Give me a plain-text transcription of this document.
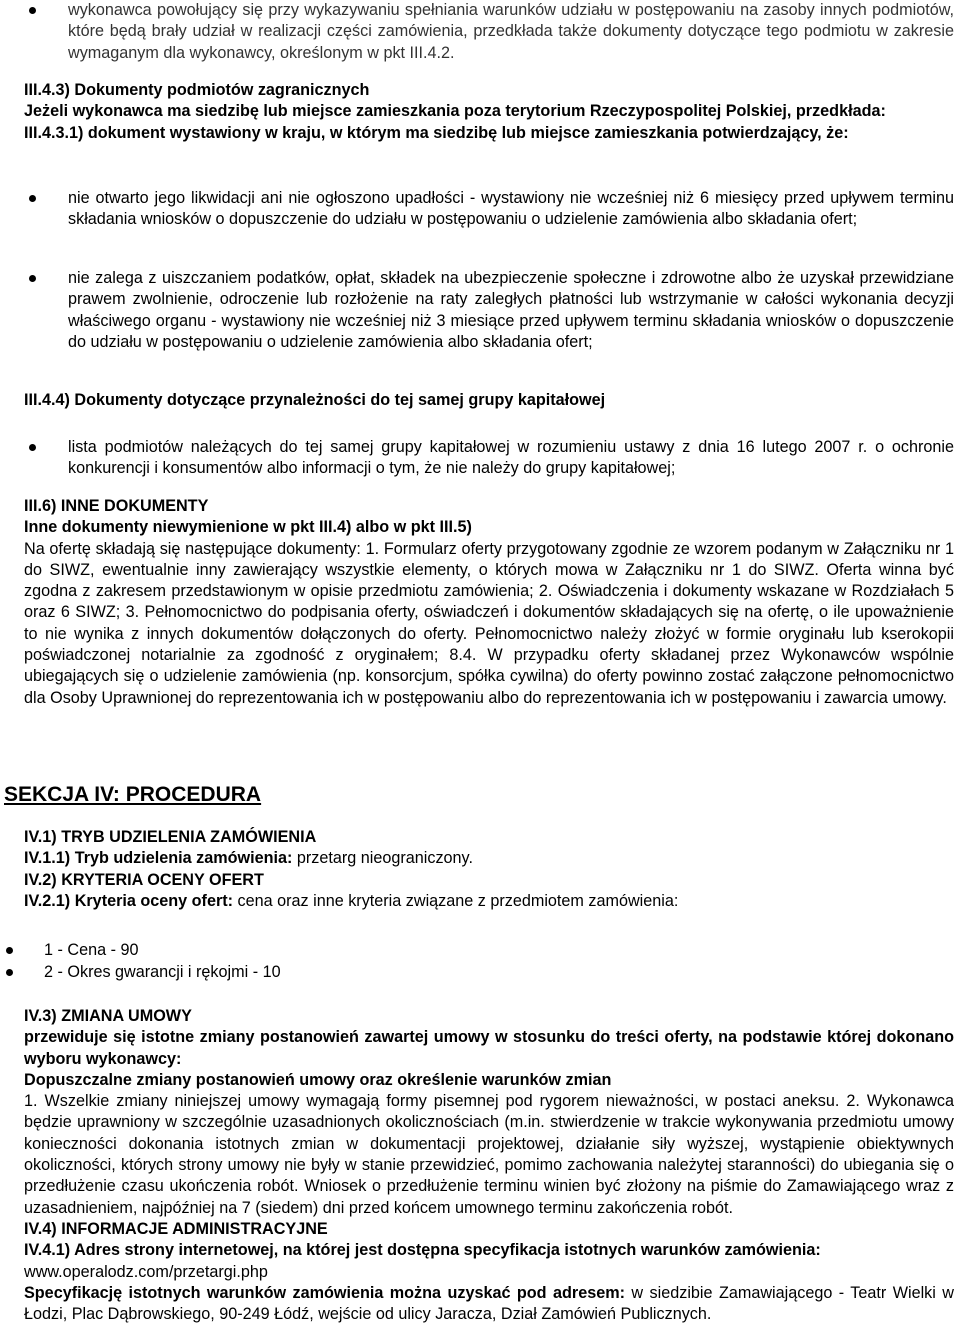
wykonawca powołujący się przy wykazywaniu spełniania warunków udziału w postępowaniu na zasoby innych podmiotów, które będą brały udział w realizacji części zamówienia, przedkłada także dokumenty dotyczące tego podmiotu w zakresie wymaganym dla wykonawcy, określonym w pkt III.4.2.

III.4.3) Dokumenty podmiotów zagranicznych

Jeżeli wykonawca ma siedzibę lub miejsce zamieszkania poza terytorium Rzeczypospolitej Polskiej, przedkłada:

III.4.3.1) dokument wystawiony w kraju, w którym ma siedzibę lub miejsce zamieszkania potwierdzający, że:

nie otwarto jego likwidacji ani nie ogłoszono upadłości - wystawiony nie wcześniej niż 6 miesięcy przed upływem terminu składania wniosków o dopuszczenie do udziału w postępowaniu o udzielenie zamówienia albo składania ofert;

nie zalega z uiszczaniem podatków, opłat, składek na ubezpieczenie społeczne i zdrowotne albo że uzyskał przewidziane prawem zwolnienie, odroczenie lub rozłożenie na raty zaległych płatności lub wstrzymanie w całości wykonania decyzji właściwego organu - wystawiony nie wcześniej niż 3 miesiące przed upływem terminu składania wniosków o dopuszczenie do udziału w postępowaniu o udzielenie zamówienia albo składania ofert;

III.4.4) Dokumenty dotyczące przynależności do tej samej grupy kapitałowej

lista podmiotów należących do tej samej grupy kapitałowej w rozumieniu ustawy z dnia 16 lutego 2007 r. o ochronie konkurencji i konsumentów albo informacji o tym, że nie należy do grupy kapitałowej;

III.6) INNE DOKUMENTY

Inne dokumenty niewymienione w pkt III.4) albo w pkt III.5)

Na ofertę składają się następujące dokumenty: 1. Formularz oferty przygotowany zgodnie ze wzorem podanym w Załączniku nr 1 do SIWZ, ewentualnie inny zawierający wszystkie elementy, o których mowa w Załączniku nr 1 do SIWZ. Oferta winna być zgodna z zakresem przedstawionym w opisie przedmiotu zamówienia; 2. Oświadczenia i dokumenty wskazane w Rozdziałach 5 oraz 6 SIWZ; 3. Pełnomocnictwo do podpisania oferty, oświadczeń i dokumentów składających się na ofertę, o ile upoważnienie to nie wynika z innych dokumentów dołączonych do oferty. Pełnomocnictwo należy złożyć w formie oryginału lub kserokopii poświadczonej notarialnie za zgodność z oryginałem; 8.4. W przypadku oferty składanej przez Wykonawców wspólnie ubiegających się o udzielenie zamówienia (np. konsorcjum, spółka cywilna) do oferty powinno zostać załączone pełnomocnictwo dla Osoby Uprawnionej do reprezentowania ich w postępowaniu albo do reprezentowania ich w postępowaniu i zawarcia umowy.

SEKCJA IV: PROCEDURA

IV.1) TRYB UDZIELENIA ZAMÓWIENIA

IV.1.1) Tryb udzielenia zamówienia: przetarg nieograniczony.

IV.2) KRYTERIA OCENY OFERT

IV.2.1) Kryteria oceny ofert: cena oraz inne kryteria związane z przedmiotem zamówienia:

1 - Cena - 90

2 - Okres gwarancji i rękojmi - 10

IV.3) ZMIANA UMOWY

przewiduje się istotne zmiany postanowień zawartej umowy w stosunku do treści oferty, na podstawie której dokonano wyboru wykonawcy:

Dopuszczalne zmiany postanowień umowy oraz określenie warunków zmian

1. Wszelkie zmiany niniejszej umowy wymagają formy pisemnej pod rygorem nieważności, w postaci aneksu. 2. Wykonawca będzie uprawniony w szczególnie uzasadnionych okolicznościach (m.in. stwierdzenie w trakcie wykonywania przedmiotu umowy konieczności dokonania istotnych zmian w dokumentacji projektowej, działanie siły wyższej, wystąpienie obiektywnych okoliczności, których strony umowy nie były w stanie przewidzieć, pomimo zachowania należytej staranności) do ubiegania się o przedłużenie czasu ukończenia robót. Wniosek o przedłużenie terminu winien być złożony na piśmie do Zamawiającego wraz z uzasadnieniem, najpóźniej na 7 (siedem) dni przed końcem umownego terminu zakończenia robót.

IV.4) INFORMACJE ADMINISTRACYJNE

IV.4.1) Adres strony internetowej, na której jest dostępna specyfikacja istotnych warunków zamówienia:

www.operalodz.com/przetargi.php

Specyfikację istotnych warunków zamówienia można uzyskać pod adresem: w siedzibie Zamawiającego - Teatr Wielki w Łodzi, Plac Dąbrowskiego, 90-249 Łódź, wejście od ulicy Jaracza, Dział Zamówień Publicznych.
